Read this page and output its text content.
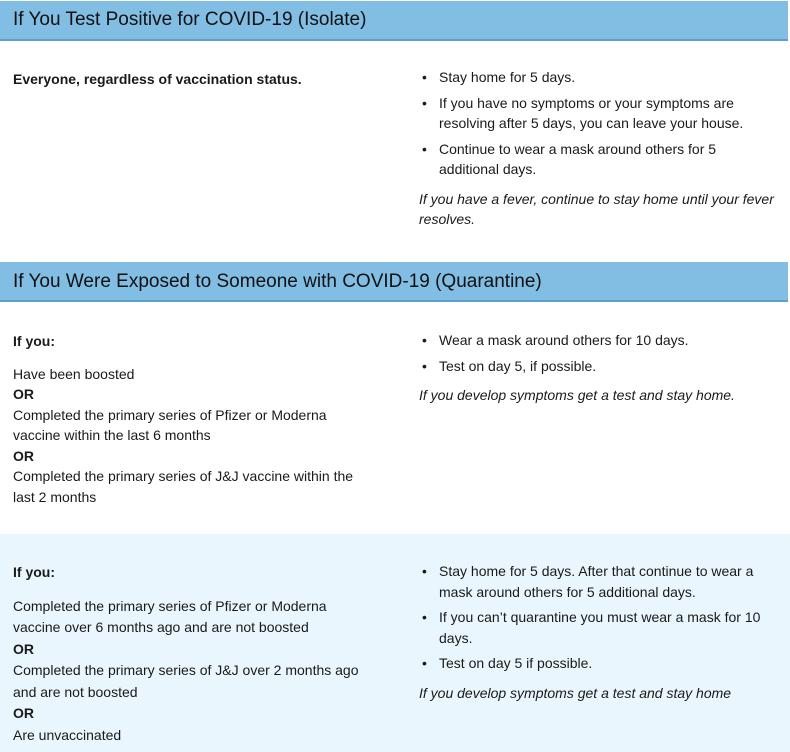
If You Test Positive for COVID-19 (Isolate)
Everyone, regardless of vaccination status.	• Stay home for 5 days.
• If you have no symptoms or your symptoms are resolving after 5 days, you can leave your house.
• Continue to wear a mask around others for 5 additional days.
If you have a fever, continue to stay home until your fever resolves.
If You Were Exposed to Someone with COVID-19 (Quarantine)
If you:
Have been boosted
OR
Completed the primary series of Pfizer or Moderna vaccine within the last 6 months
OR
Completed the primary series of J&J vaccine within the last 2 months
• Wear a mask around others for 10 days.
• Test on day 5, if possible.
If you develop symptoms get a test and stay home.
If you:
Completed the primary series of Pfizer or Moderna vaccine over 6 months ago and are not boosted
OR
Completed the primary series of J&J over 2 months ago and are not boosted
OR
Are unvaccinated
• Stay home for 5 days. After that continue to wear a mask around others for 5 additional days.
• If you can’t quarantine you must wear a mask for 10 days.
• Test on day 5 if possible.
If you develop symptoms get a test and stay home
